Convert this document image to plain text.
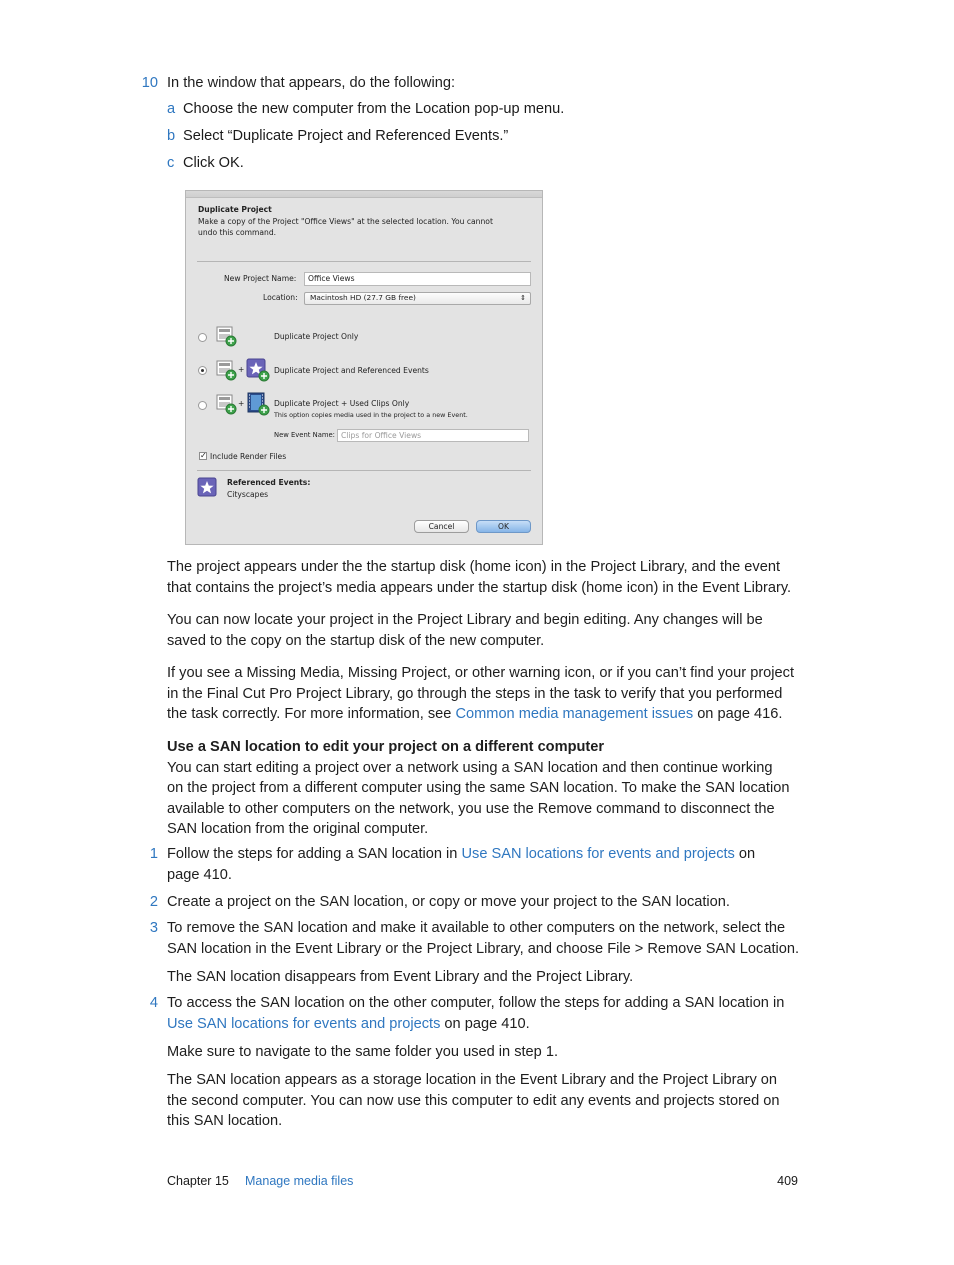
10 In the window that appears, do the following:
a Choose the new computer from the Location pop-up menu.
b Select “Duplicate Project and Referenced Events.”
c Click OK.
Duplicate Project
Make a copy of the Project "Office Views" at the selected location. You cannot
undo this command.
New Project Name:	Office Views
Location:	Macintosh HD (27.7 GB free)	⇕
Duplicate Project Only
+	Duplicate Project and Referenced Events
+	Duplicate Project + Used Clips Only
This option copies media used in the project to a new Event.
New Event Name: Clips for Office Views
✓ Include Render Files
Referenced Events:
Cityscapes
Cancel	OK
The project appears under the the startup disk (home icon) in the Project Library, and the event
that contains the project’s media appears under the startup disk (home icon) in the Event Library.
You can now locate your project in the Project Library and begin editing. Any changes will be
saved to the copy on the startup disk of the new computer.
If you see a Missing Media, Missing Project, or other warning icon, or if you can’t find your project
in the Final Cut Pro Project Library, go through the steps in the task to verify that you performed
the task correctly. For more information, see Common media management issues on page 416.
Use a SAN location to edit your project on a different computer
You can start editing a project over a network using a SAN location and then continue working
on the project from a different computer using the same SAN location. To make the SAN location
available to other computers on the network, you use the Remove command to disconnect the
SAN location from the original computer.
1 Follow the steps for adding a SAN location in Use SAN locations for events and projects on
page 410.
2 Create a project on the SAN location, or copy or move your project to the SAN location.
3 To remove the SAN location and make it available to other computers on the network, select the
SAN location in the Event Library or the Project Library, and choose File > Remove SAN Location.
The SAN location disappears from Event Library and the Project Library.
4 To access the SAN location on the other computer, follow the steps for adding a SAN location in
Use SAN locations for events and projects on page 410.
Make sure to navigate to the same folder you used in step 1.
The SAN location appears as a storage location in the Event Library and the Project Library on
the second computer. You can now use this computer to edit any events and projects stored on
this SAN location.
Chapter 15 Manage media files	409
